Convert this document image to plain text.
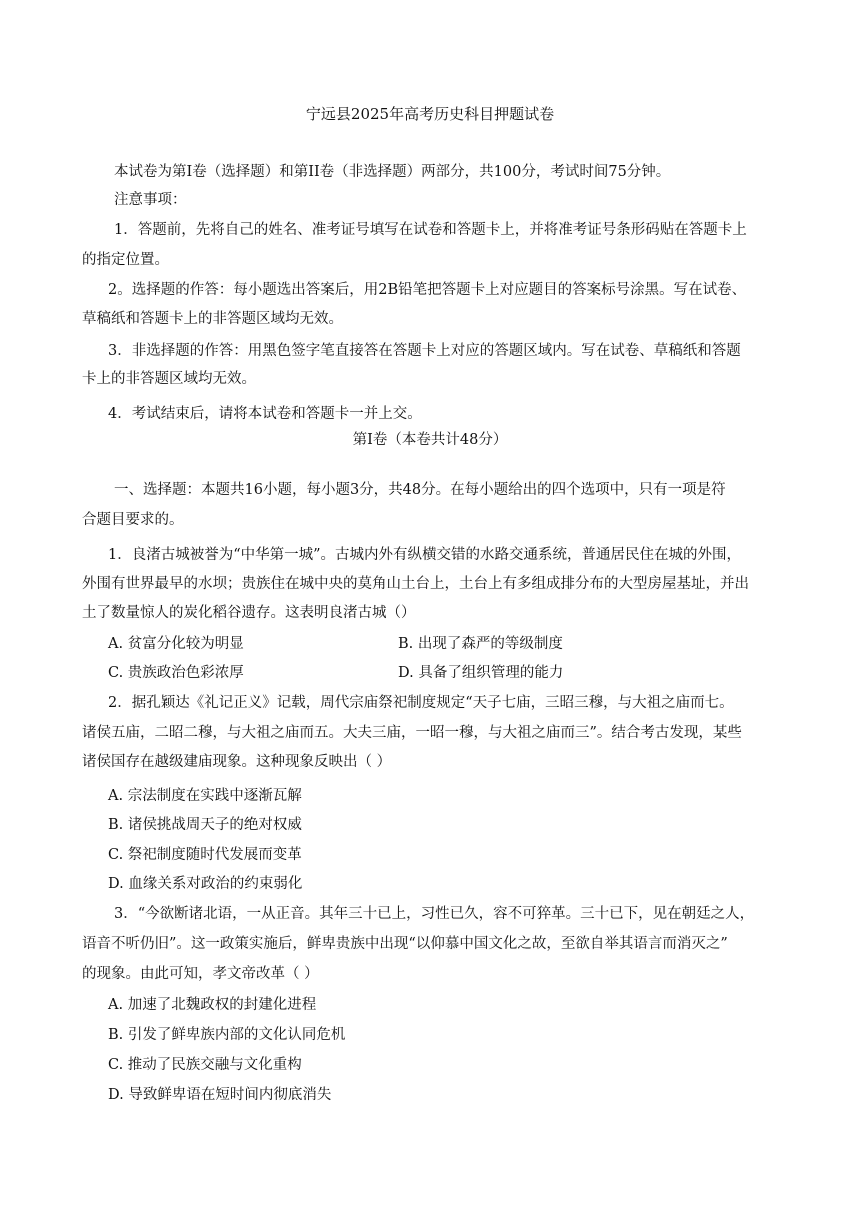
宁远县2025年高考历史科目押题试卷
本试卷为第I卷（选择题）和第II卷（非选择题）两部分，共100分，考试时间75分钟。
注意事项：
1．答题前，先将自己的姓名、准考证号填写在试卷和答题卡上，并将准考证号条形码贴在答题卡上
的指定位置。
2。选择题的作答：每小题选出答案后，用2B铅笔把答题卡上对应题目的答案标号涂黑。写在试卷、
草稿纸和答题卡上的非答题区域均无效。
3．非选择题的作答：用黑色签字笔直接答在答题卡上对应的答题区域内。写在试卷、草稿纸和答题
卡上的非答题区域均无效。
4．考试结束后，请将本试卷和答题卡一并上交。
第I卷（本卷共计48分）
一、选择题：本题共16小题，每小题3分，共48分。在每小题给出的四个选项中，只有一项是符
合题目要求的。
1．良渚古城被誉为“中华第一城”。古城内外有纵横交错的水路交通系统，普通居民住在城的外围，
外围有世界最早的水坝；贵族住在城中央的莫角山土台上，土台上有多组成排分布的大型房屋基址，并出
土了数量惊人的炭化稻谷遗存。这表明良渚古城（）
A. 贫富分化较为明显	B. 出现了森严的等级制度
C. 贵族政治色彩浓厚	D. 具备了组织管理的能力
2．据孔颖达《礼记正义》记载，周代宗庙祭祀制度规定“天子七庙，三昭三穆，与大祖之庙而七。
诸侯五庙，二昭二穆，与大祖之庙而五。大夫三庙，一昭一穆，与大祖之庙而三”。结合考古发现，某些
诸侯国存在越级建庙现象。这种现象反映出（ ）
A. 宗法制度在实践中逐渐瓦解
B. 诸侯挑战周天子的绝对权威
C. 祭祀制度随时代发展而变革
D. 血缘关系对政治的约束弱化
3．“今欲断诸北语，一从正音。其年三十已上，习性已久，容不可猝革。三十已下，见在朝廷之人，
语音不听仍旧”。这一政策实施后，鲜卑贵族中出现“以仰慕中国文化之故，至欲自举其语言而消灭之”
的现象。由此可知，孝文帝改革（ ）
A. 加速了北魏政权的封建化进程
B. 引发了鲜卑族内部的文化认同危机
C. 推动了民族交融与文化重构
D. 导致鲜卑语在短时间内彻底消失
